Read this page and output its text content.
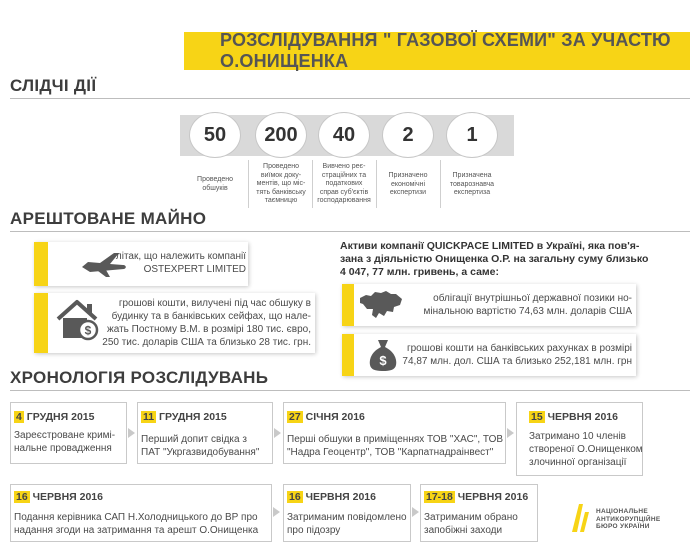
РОЗСЛІДУВАННЯ " ГАЗОВОЇ СХЕМИ" ЗА УЧАСТЮ О.ОНИЩЕНКА
СЛІДЧІ ДІЇ
50	200	40	2	1
Проведено
обшуків
Проведено
виїмок доку-
ментів, що міс-
тять банківську
таємницю
Вивчено реє-
страційних та
податкових
справ суб'єктів
господарювання
Призначено
економічні
експертизи
Призначена
товарознавча
експертиза
АРЕШТОВАНЕ МАЙНО
літак, що належить компанії
OSTEXPERT LIMITED
$
грошові кошти, вилучені під час обшуку в
будинку та в банківських сейфах, що нале-
жать Постному В.М. в розмірі 180 тис. євро,
250 тис. доларів США та близько 28 тис. грн.
Активи компанії QUICKPACE LIMITED в Україні, яка пов'я-
зана з діяльністю Онищенка О.Р. на загальну суму близько
4 047, 77 млн. гривень, а саме:
облігації внутрішньої державної позики но-
мінальною вартістю 74,63 млн. доларів США
$
грошові кошти на банківських рахунках в розмірі
74,87 млн. дол. США та близько 252,181 млн. грн
ХРОНОЛОГІЯ РОЗСЛІДУВАНЬ
4 ГРУДНЯ 2015
Зареєстроване кримі-
нальне провадження
11 ГРУДНЯ 2015
Перший допит свідка з
ПАТ "Укргазвидобування"
27 СІЧНЯ 2016
Перші обшуки в приміщеннях ТОВ "ХАС", ТОВ
"Надра Геоцентр", ТОВ "Карпатнадраінвест"
15 ЧЕРВНЯ 2016
Затримано 10 членів
створеної О.Онищенком
злочинної організації
16 ЧЕРВНЯ 2016
Подання керівника САП Н.Холодницького до ВР про
надання згоди на затримання та арешт О.Онищенка
16 ЧЕРВНЯ 2016
Затриманим повідомлено
про підозру
17-18 ЧЕРВНЯ 2016
Затриманим обрано
запобіжні заходи
НАЦІОНАЛЬНЕ
АНТИКОРУПЦІЙНЕ
БЮРО УКРАЇНИ
